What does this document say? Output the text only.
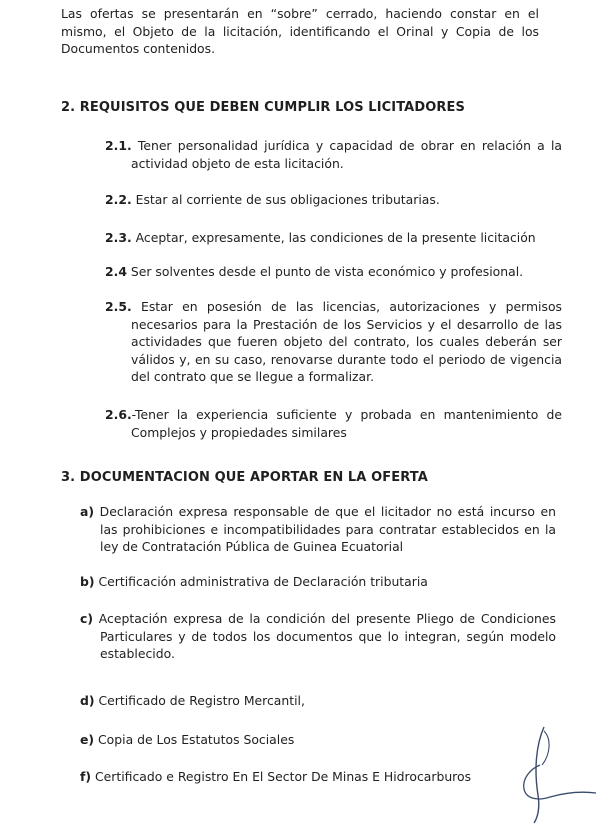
Las ofertas se presentarán en “sobre” cerrado, haciendo constar en el mismo, el Objeto de la licitación, identificando el Orinal y Copia de los Documentos contenidos.
2. REQUISITOS QUE DEBEN CUMPLIR LOS LICITADORES
2.1. Tener personalidad jurídica y capacidad de obrar en relación a la actividad objeto de esta licitación.
2.2. Estar al corriente de sus obligaciones tributarias.
2.3. Aceptar, expresamente, las condiciones de la presente licitación
2.4 Ser solventes desde el punto de vista económico y profesional.
2.5. Estar en posesión de las licencias, autorizaciones y permisos necesarios para la Prestación de los Servicios y el desarrollo de las actividades que fueren objeto del contrato, los cuales deberán ser válidos y, en su caso, renovarse durante todo el periodo de vigencia del contrato que se llegue a formalizar.
2.6.-Tener la experiencia suficiente y probada en mantenimiento de Complejos y propiedades similares
3. DOCUMENTACION QUE APORTAR EN LA OFERTA
a) Declaración expresa responsable de que el licitador no está incurso en las prohibiciones e incompatibilidades para contratar establecidos en la ley de Contratación Pública de Guinea Ecuatorial
b) Certificación administrativa de Declaración tributaria
c) Aceptación expresa de la condición del presente Pliego de Condiciones Particulares y de todos los documentos que lo integran, según modelo establecido.
d) Certificado de Registro Mercantil,
e) Copia de Los Estatutos Sociales
f) Certificado e Registro En El Sector De Minas E Hidrocarburos
